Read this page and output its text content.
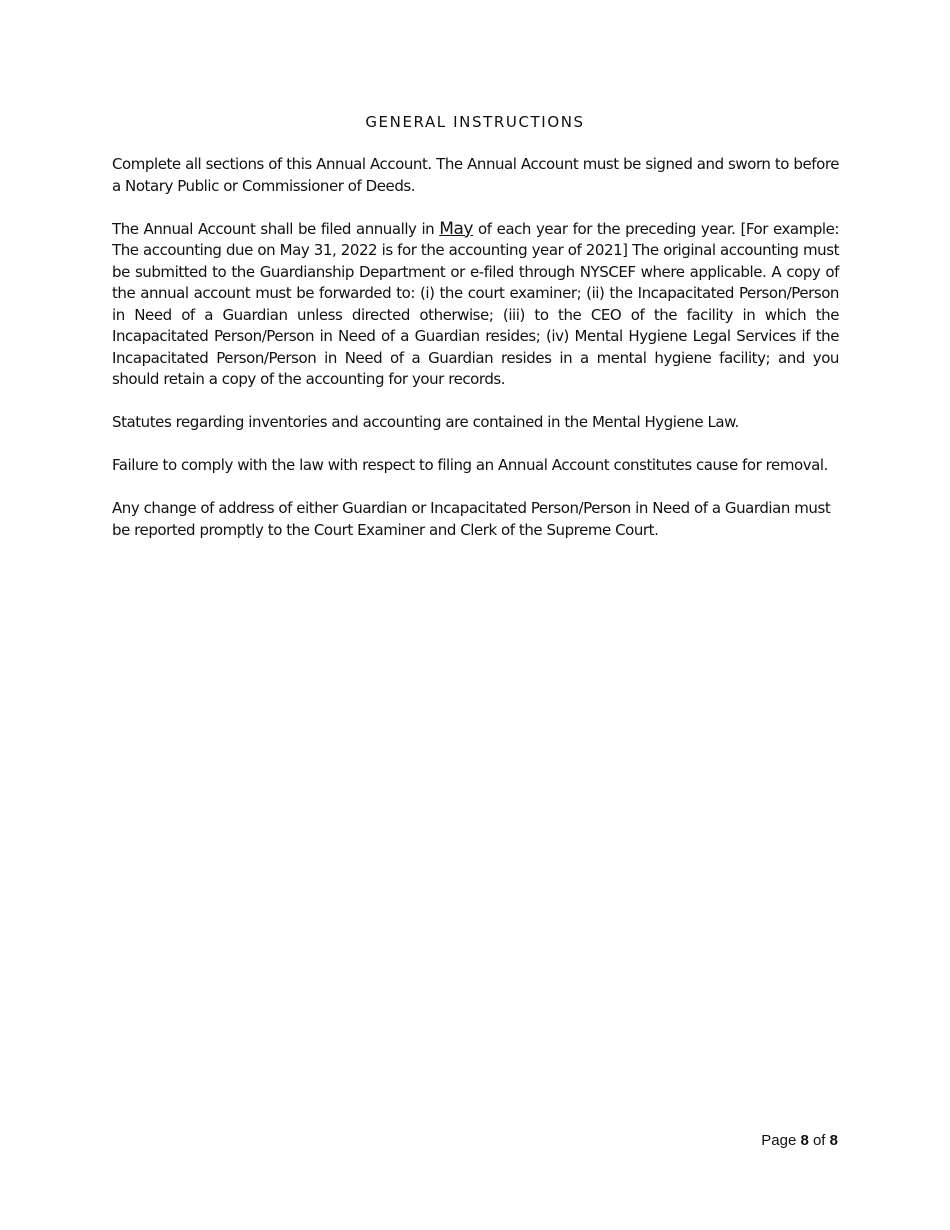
GENERAL INSTRUCTIONS

Complete all sections of this Annual Account. The Annual Account must be signed and sworn to before a Notary Public or Commissioner of Deeds.

The Annual Account shall be filed annually in May of each year for the preceding year. [For example: The accounting due on May 31, 2022 is for the accounting year of 2021] The original accounting must be submitted to the Guardianship Department or e-filed through NYSCEF where applicable. A copy of the annual account must be forwarded to: (i) the court examiner; (ii) the Incapacitated Person/Person in Need of a Guardian unless directed otherwise; (iii) to the CEO of the facility in which the Incapacitated Person/Person in Need of a Guardian resides; (iv) Mental Hygiene Legal Services if the Incapacitated Person/Person in Need of a Guardian resides in a mental hygiene facility; and you should retain a copy of the accounting for your records.

Statutes regarding inventories and accounting are contained in the Mental Hygiene Law.

Failure to comply with the law with respect to filing an Annual Account constitutes cause for removal.

Any change of address of either Guardian or Incapacitated Person/Person in Need of a Guardian must be reported promptly to the Court Examiner and Clerk of the Supreme Court.

Page 8 of 8
